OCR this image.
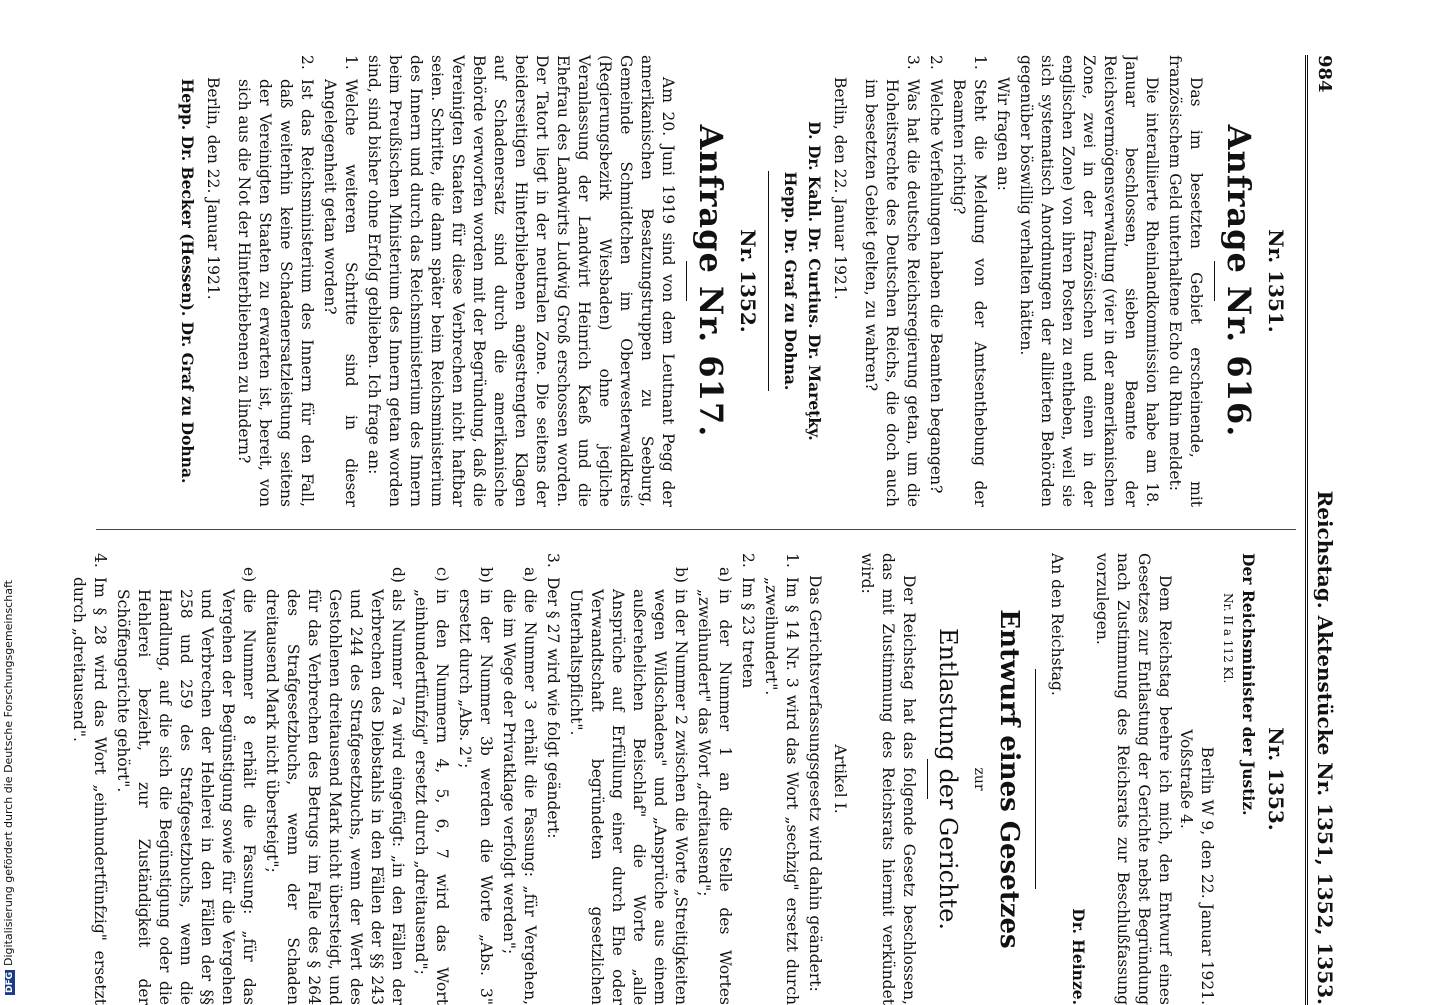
984
Reichstag. Aktenstücke Nr. 1351, 1352, 1353.
Nr. 1351.
Anfrage Nr. 616.

Das im besetzten Gebiet erscheinende, mit französischem Geld unterhaltene Echo du Rhin meldet:

Die interalliierte Rheinlandkommission habe am 18. Januar beschlossen, sieben Beamte der Reichsvermögensverwaltung (vier in der amerikanischen Zone, zwei in der französischen und einen in der englischen Zone) von ihren Posten zu entheben, weil sie sich systematisch Anordnungen der alliierten Behörden gegenüber böswillig verhalten hätten.

Wir fragen an:

1.
Steht die Meldung von der Amtsenthebung der Beamten richtig?
2.
Welche Verfehlungen haben die Beamten begangen?
3.
Was hat die deutsche Reichsregierung getan, um die Hoheitsrechte des Deutschen Reichs, die doch auch im besetzten Gebiet gelten, zu wahren?

Berlin, den 22. Januar 1921.

D. Dr. Kahl. Dr. Curtius. Dr. Mareţky.
Hepp. Dr. Graf zu Dohna.
Nr. 1352.
Anfrage Nr. 617.

Am 20. Juni 1919 sind von dem Leutnant Pegg der amerikanischen Besatzungstruppen zu Seeburg, Gemeinde Schmidtchen im Oberwesterwaldkreis (Regierungsbezirk Wiesbaden) ohne jegliche Veranlassung der Landwirt Heinrich Kaeß und die Ehefrau des Landwirts Ludwig Groß erschossen worden. Der Tatort liegt in der neutralen Zone. Die seitens der beiderseitigen Hinterbliebenen angestrengten Klagen auf Schadenersatz sind durch die amerikanische Behörde verworfen worden mit der Begründung, daß die Vereinigten Staaten für diese Verbrechen nicht haftbar seien. Schritte, die dann später beim Reichsministerium des Innern und durch das Reichsministerium des Innern beim Preußischen Ministerium des Innern getan worden sind, sind bisher ohne Erfolg geblieben. Ich frage an:

1.
Welche weiteren Schritte sind in dieser Angelegenheit getan worden?
2.
Ist das Reichsministerium des Innern für den Fall, daß weiterhin keine Schadenersatzleistung seitens der Vereinigten Staaten zu erwarten ist, bereit, von sich aus die Not der Hinterbliebenen zu lindern?

Berlin, den 22. Januar 1921.

Hepp. Dr. Becker (Hessen). Dr. Graf zu Dohna.
Nr. 1353.
Der Reichsminister der Justiz.
Nr. II a 112 Kl.
Berlin W 9, den 22. Januar 1921.
Voßstraße 4.

Dem Reichstag beehre ich mich, den Entwurf eines Gesetzes zur Entlastung der Gerichte nebst Begründung nach Zustimmung des Reichsrats zur Beschlußfassung vorzulegen.

Dr. Heinze.

An den Reichstag.

Entwurf eines Gesetzes
zur
Entlastung der Gerichte.

Der Reichstag hat das folgende Gesetz beschlossen, das mit Zustimmung des Reichsrats hiermit verkündet wird:

Artikel I.

Das Gerichtsverfassungsgesetz wird dahin geändert:

1.
Im § 14 Nr. 3 wird das Wort „sechzig" ersetzt durch „zweihundert".
2.
Im § 23 treten
a)
in der Nummer 1 an die Stelle des Wortes „zweihundert" das Wort „dreitausend";
b)
in der Nummer 2 zwischen die Worte „Streitigkeiten wegen Wildschadens" und „Ansprüche aus einem außerehelichen Beischlaf" die Worte „alle Ansprüche auf Erfüllung einer durch Ehe oder Verwandtschaft begründeten gesetzlichen Unterhaltspflicht".
3.
Der § 27 wird wie folgt geändert:
a)
die Nummer 3 erhält die Fassung: „für Vergehen, die im Wege der Privatklage verfolgt werden";
b)
in der Nummer 3b werden die Worte „Abs. 3" ersetzt durch „Abs. 2";
c)
in den Nummern 4, 5, 6, 7 wird das Wort „einhundertfünfzig" ersetzt durch „dreitausend";
d)
als Nummer 7a wird eingefügt: „in den Fällen der Verbrechen des Diebstahls in den Fällen der §§ 243 und 244 des Strafgesetzbuchs, wenn der Wert des Gestohlenen dreitausend Mark nicht übersteigt, und für das Verbrechen des Betrugs im Falle des § 264 des Strafgesetzbuchs, wenn der Schaden dreitausend Mark nicht übersteigt";
e)
die Nummer 8 erhält die Fassung: „für das Vergehen der Begünstigung sowie für die Vergehen und Verbrechen der Hehlerei in den Fällen der §§ 258 und 259 des Strafgesetzbuchs, wenn die Handlung, auf die sich die Begünstigung oder die Hehlerei bezieht, zur Zuständigkeit der Schöffengerichte gehört".
4.
Im § 28 wird das Wort „einhundertfünfzig" ersetzt durch „dreitausend".
DFGDigitalisierung gefördert durch die Deutsche Forschungsgemeinschaft
